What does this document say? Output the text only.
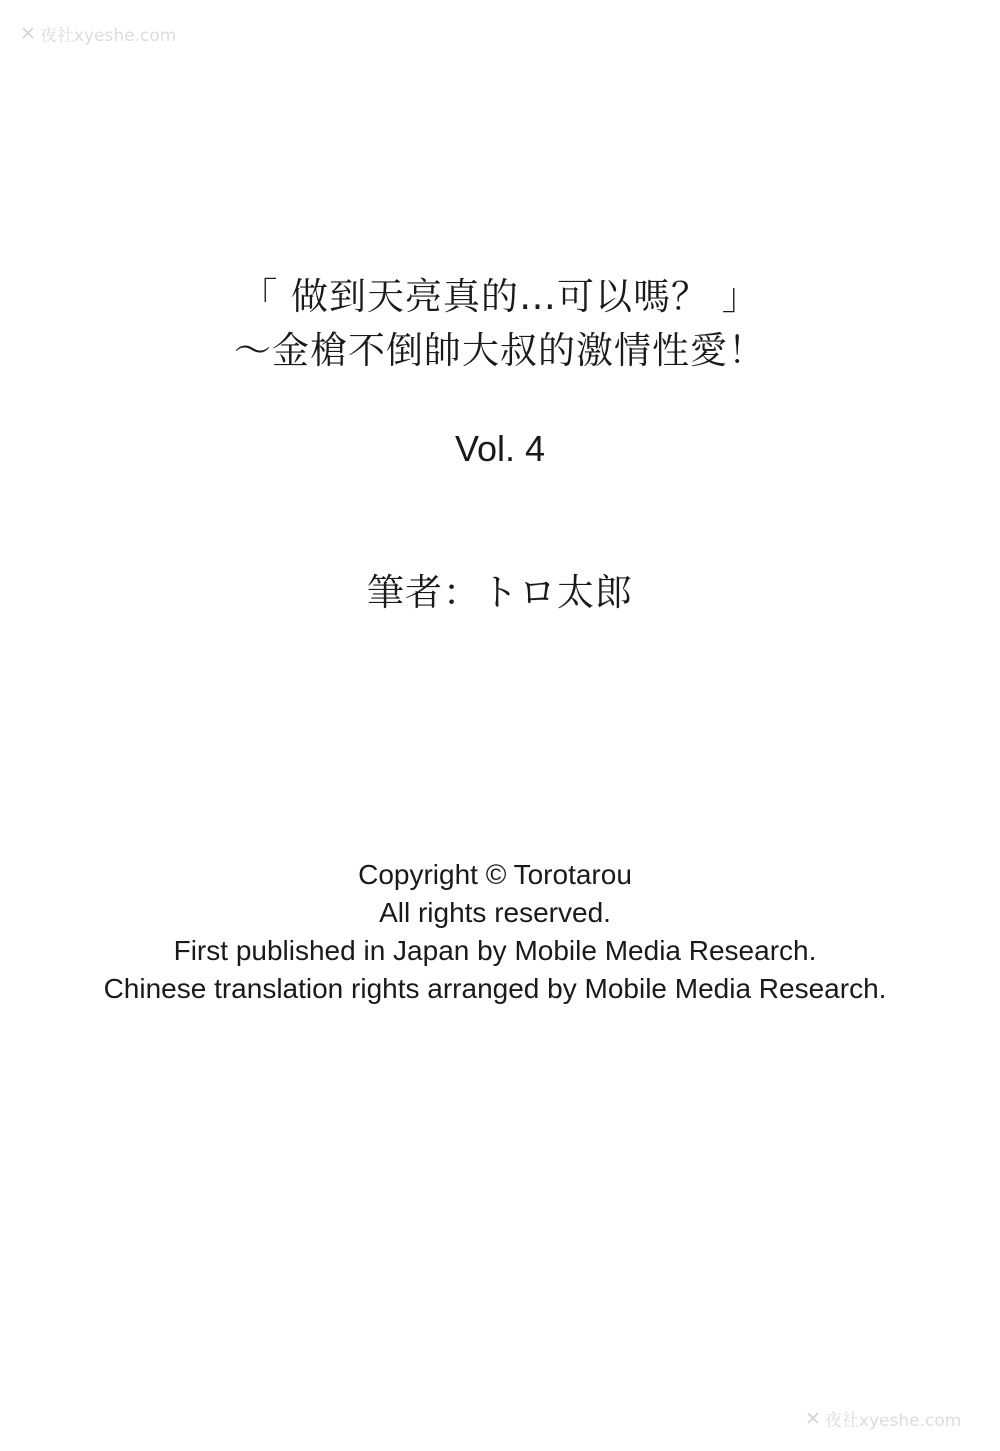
✕ 夜社xyeshe.com
「 做到天亮真的…可以嗎？ 」
～金槍不倒帥大叔的激情性愛！
Vol. 4
筆者：トロ太郎
Copyright © Torotarou
All rights reserved.
First published in Japan by Mobile Media Research.
Chinese translation rights arranged by Mobile Media Research.
✕ 夜社xyeshe.com
